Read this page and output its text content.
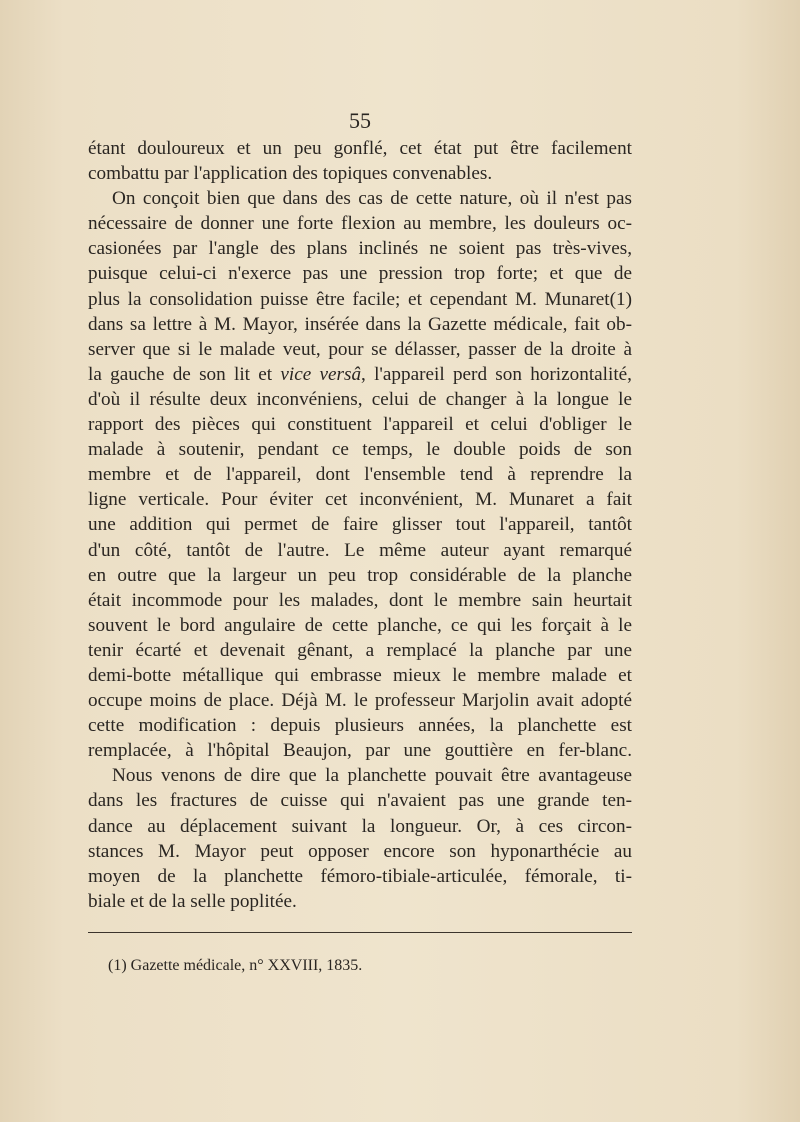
55
étant douloureux et un peu gonflé, cet état put être facilement
combattu par l'application des topiques convenables.
On conçoit bien que dans des cas de cette nature, où il n'est pas
nécessaire de donner une forte flexion au membre, les douleurs oc-
casionées par l'angle des plans inclinés ne soient pas très-vives,
puisque celui-ci n'exerce pas une pression trop forte; et que de
plus la consolidation puisse être facile; et cependant M. Munaret(1)
dans sa lettre à M. Mayor, insérée dans la Gazette médicale, fait ob-
server que si le malade veut, pour se délasser, passer de la droite à
la gauche de son lit et vice versâ, l'appareil perd son horizontalité,
d'où il résulte deux inconvéniens, celui de changer à la longue le
rapport des pièces qui constituent l'appareil et celui d'obliger le
malade à soutenir, pendant ce temps, le double poids de son
membre et de l'appareil, dont l'ensemble tend à reprendre la
ligne verticale. Pour éviter cet inconvénient, M. Munaret a fait
une addition qui permet de faire glisser tout l'appareil, tantôt
d'un côté, tantôt de l'autre. Le même auteur ayant remarqué
en outre que la largeur un peu trop considérable de la planche
était incommode pour les malades, dont le membre sain heurtait
souvent le bord angulaire de cette planche, ce qui les forçait à le
tenir écarté et devenait gênant, a remplacé la planche par une
demi-botte métallique qui embrasse mieux le membre malade et
occupe moins de place. Déjà M. le professeur Marjolin avait adopté
cette modification : depuis plusieurs années, la planchette est
remplacée, à l'hôpital Beaujon, par une gouttière en fer-blanc.
Nous venons de dire que la planchette pouvait être avantageuse
dans les fractures de cuisse qui n'avaient pas une grande ten-
dance au déplacement suivant la longueur. Or, à ces circon-
stances M. Mayor peut opposer encore son hyponarthécie au
moyen de la planchette fémoro-tibiale-articulée, fémorale, ti-
biale et de la selle poplitée.
(1) Gazette médicale, n° XXVIII, 1835.
